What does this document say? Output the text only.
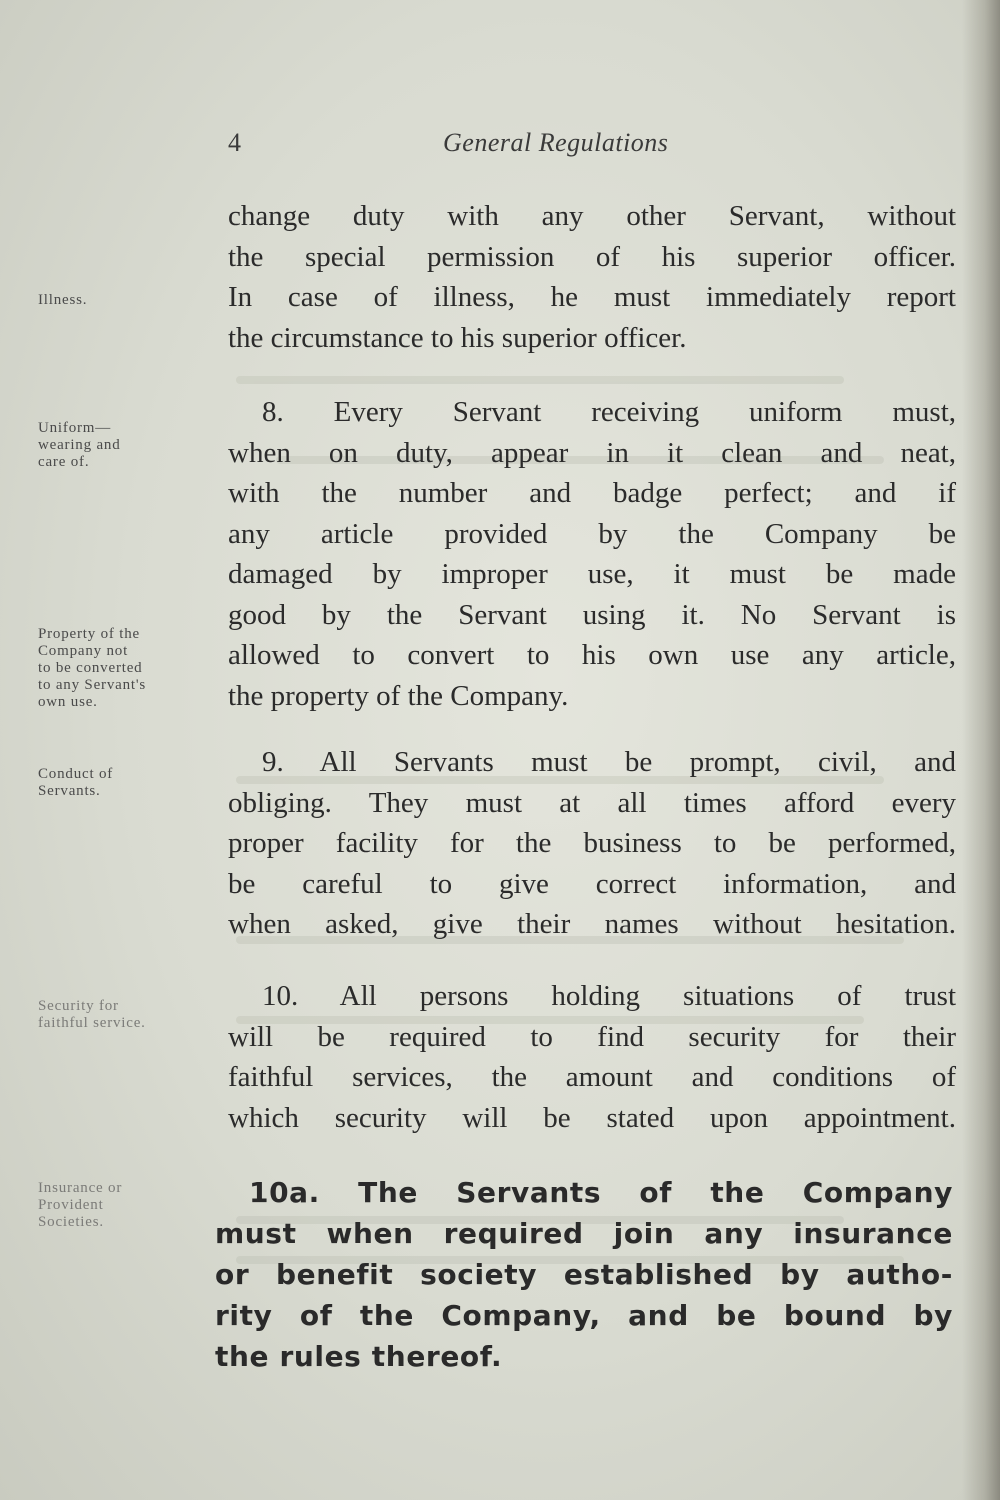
4	General Regulations
change duty with any other Servant, without
the special permission of his superior officer.
In case of illness, he must immediately report
the circumstance to his superior officer.
8. Every Servant receiving uniform must,
when on duty, appear in it clean and neat,
with the number and badge perfect; and if
any article provided by the Company be
damaged by improper use, it must be made
good by the Servant using it. No Servant is
allowed to convert to his own use any article,
the property of the Company.
9. All Servants must be prompt, civil, and
obliging. They must at all times afford every
proper facility for the business to be performed,
be careful to give correct information, and
when asked, give their names without hesitation.
10. All persons holding situations of trust
will be required to find security for their
faithful services, the amount and conditions of
which security will be stated upon appointment.
10a. The Servants of the Company
must when required join any insurance
or benefit society established by autho-
rity of the Company, and be bound by
the rules thereof.
Illness.
Uniform—
wearing and
care of.
Property of the
Company not
to be converted
to any Servant's
own use.
Conduct of
Servants.
Security for
faithful service.
Insurance or
Provident
Societies.
